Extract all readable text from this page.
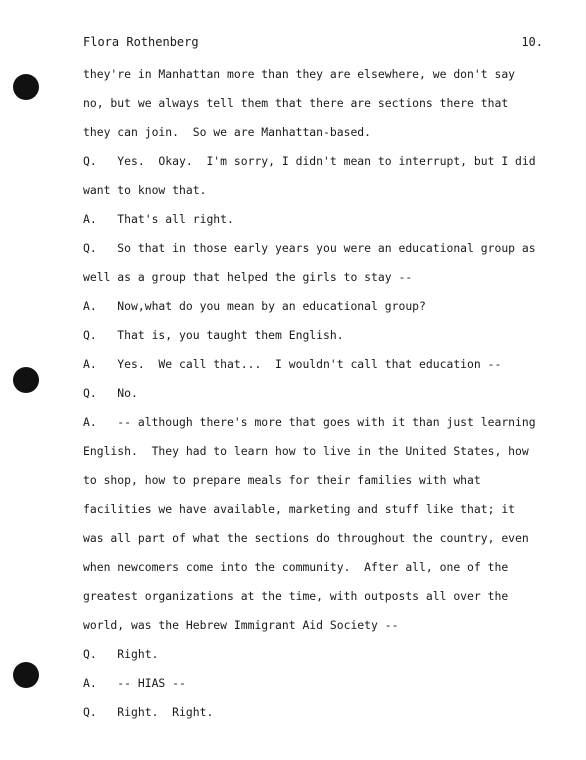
Flora Rothenberg	10.
they're in Manhattan more than they are elsewhere, we don't say
no, but we always tell them that there are sections there that
they can join.  So we are Manhattan-based.
Q.   Yes.  Okay.  I'm sorry, I didn't mean to interrupt, but I did
want to know that.
A.   That's all right.
Q.   So that in those early years you were an educational group as
well as a group that helped the girls to stay --
A.   Now,what do you mean by an educational group?
Q.   That is, you taught them English.
A.   Yes.  We call that...  I wouldn't call that education --
Q.   No.
A.   -- although there's more that goes with it than just learning
English.  They had to learn how to live in the United States, how
to shop, how to prepare meals for their families with what
facilities we have available, marketing and stuff like that; it
was all part of what the sections do throughout the country, even
when newcomers come into the community.  After all, one of the
greatest organizations at the time, with outposts all over the
world, was the Hebrew Immigrant Aid Society --
Q.   Right.
A.   -- HIAS --
Q.   Right.  Right.
